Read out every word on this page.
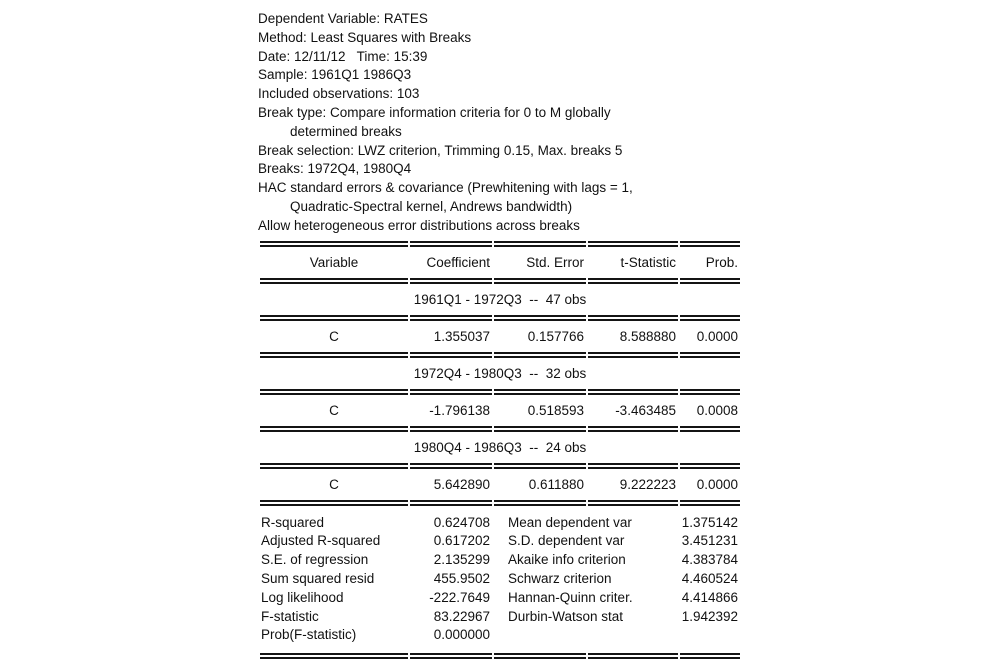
Dependent Variable: RATES
Method: Least Squares with Breaks
Date: 12/11/12   Time: 15:39
Sample: 1961Q1 1986Q3
Included observations: 103
Break type: Compare information criteria for 0 to M globally
determined breaks
Break selection: LWZ criterion, Trimming 0.15, Max. breaks 5
Breaks: 1972Q4, 1980Q4
HAC standard errors & covariance (Prewhitening with lags = 1,
Quadratic-Spectral kernel, Andrews bandwidth)
Allow heterogeneous error distributions across breaks

Variable	Coefficient	Std. Error	t-Statistic	Prob.

1961Q1 - 1972Q3  --  47 obs				

C	1.355037	0.157766	8.588880	0.0000

1972Q4 - 1980Q3  --  32 obs				

C	-1.796138	0.518593	-3.463485	0.0008

1980Q4 - 1986Q3  --  24 obs				

C	5.642890	0.611880	9.222223	0.0000

R-squared	0.624708	Mean dependent var		1.375142
Adjusted R-squared	0.617202	S.D. dependent var		3.451231
S.E. of regression	2.135299	Akaike info criterion		4.383784
Sum squared resid	455.9502	Schwarz criterion		4.460524
Log likelihood	-222.7649	Hannan-Quinn criter.		4.414866
F-statistic	83.22967	Durbin-Watson stat		1.942392
Prob(F-statistic)	0.000000			
